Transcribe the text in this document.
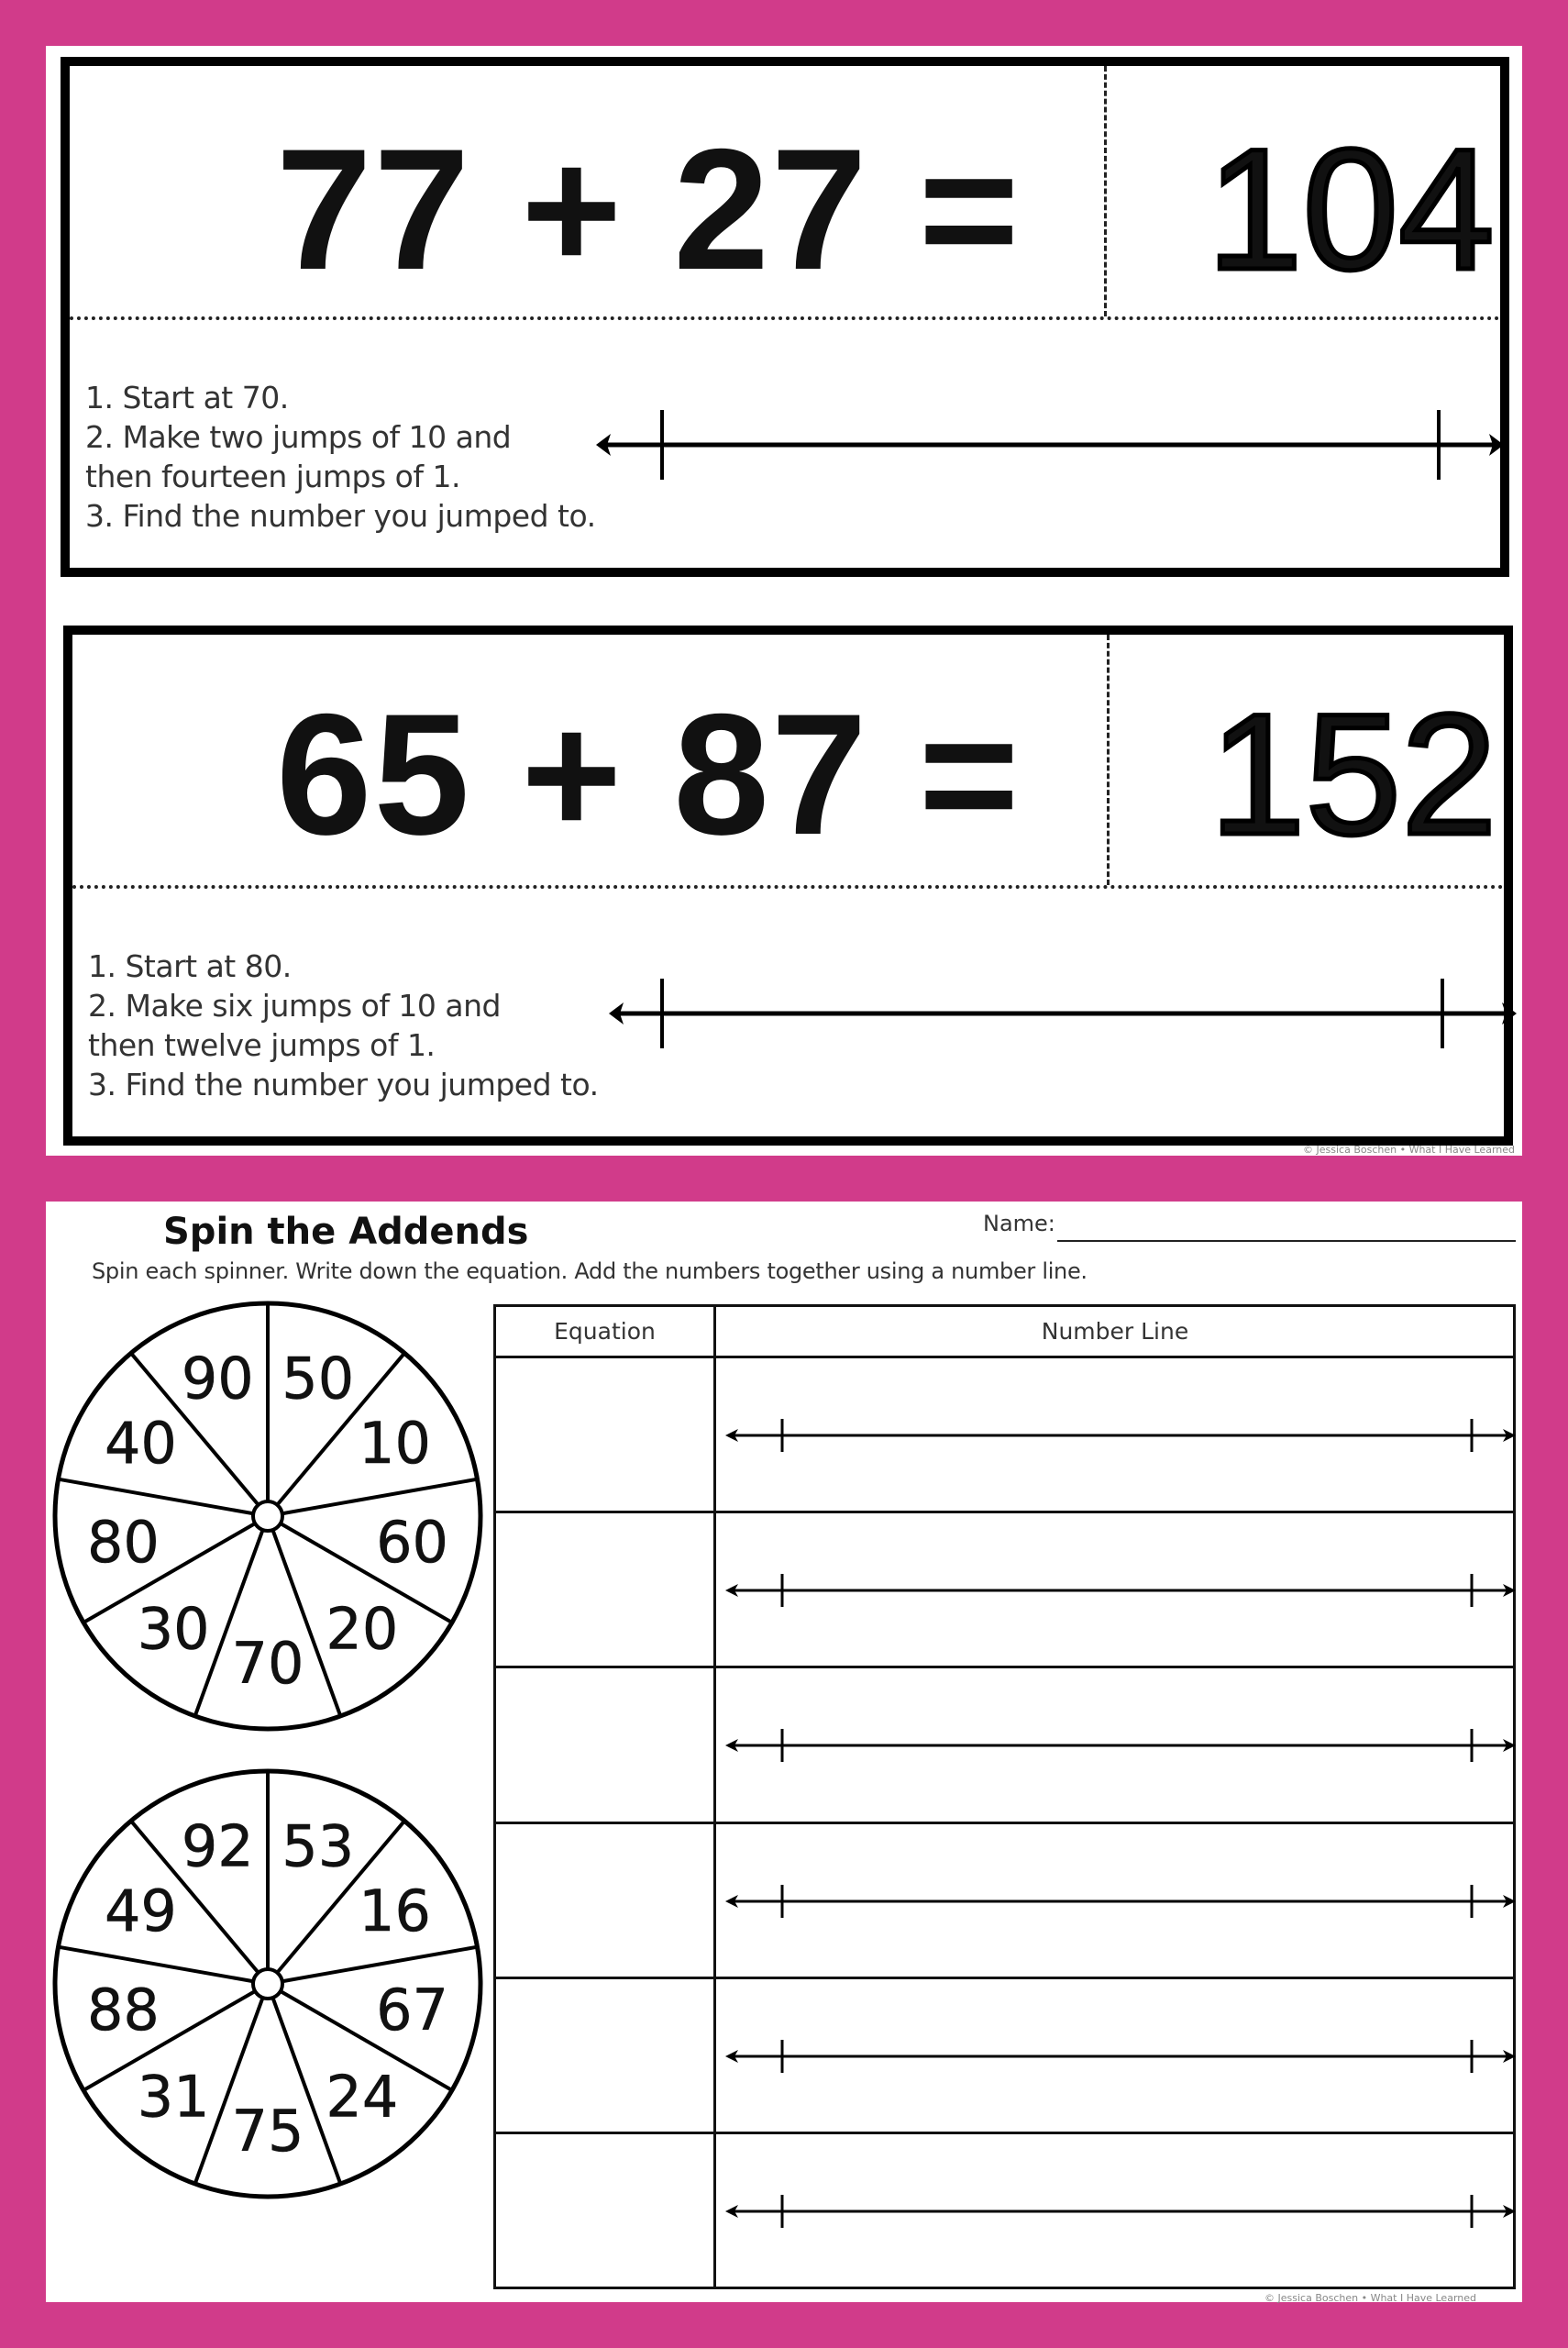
77 + 27 = 104
1. Start at 70.
2. Make two jumps of 10 and
then fourteen jumps of 1.
3. Find the number you jumped to.
65 + 87 = 152
1. Start at 80.
2. Make six jumps of 10 and
then twelve jumps of 1.
3. Find the number you jumped to.
© Jessica Boschen • What I Have Learned
Spin the Addends	Name:
Spin each spinner. Write down the equation. Add the numbers together using a number line.
50
10
60
20
70
30
80
40
90
53
16
67
24
75
31
88
49
92
Equation	Number Line
© Jessica Boschen • What I Have Learned
